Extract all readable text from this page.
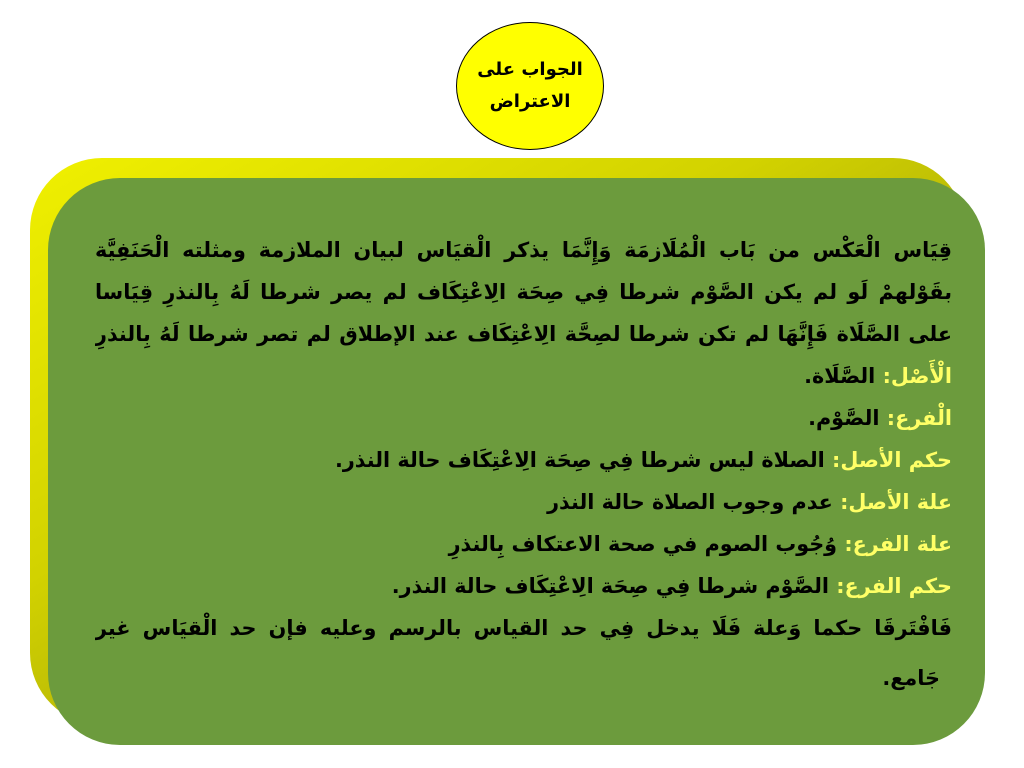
الجواب على
الاعتراض
قِيَاس الْعَكْس من بَاب الْمُلَازمَة وَإِنَّمَا يذكر الْقيَاس لبيان الملازمة ومثلته الْحَنَفِيَّة
بقَوْلهمْ لَو لم يكن الصَّوْم شرطا فِي صِحَة الِاعْتِكَاف لم يصر شرطا لَهُ بِالنذرِ قِيَاسا
على الصَّلَاة فَإِنَّهَا لم تكن شرطا لصِحَّة الِاعْتِكَاف عند الإطلاق لم تصر شرطا لَهُ بِالنذرِ
الْأَصْل:الصَّلَاة.
الْفرع:الصَّوْم.
حكم الأصل:الصلاة ليس شرطا فِي صِحَة الِاعْتِكَاف حالة النذر.
علة الأصل:عدم وجوب الصلاة حالة النذر
علة الفرع:وُجُوب الصوم في صحة الاعتكاف بِالنذرِ
حكم الفرع:الصَّوْم شرطا فِي صِحَة الِاعْتِكَاف حالة النذر.
فَافْتَرقَا حكما وَعلة فَلَا يدخل فِي حد القياس بالرسم وعليه فإن حد الْقيَاس غير
جَامع.
